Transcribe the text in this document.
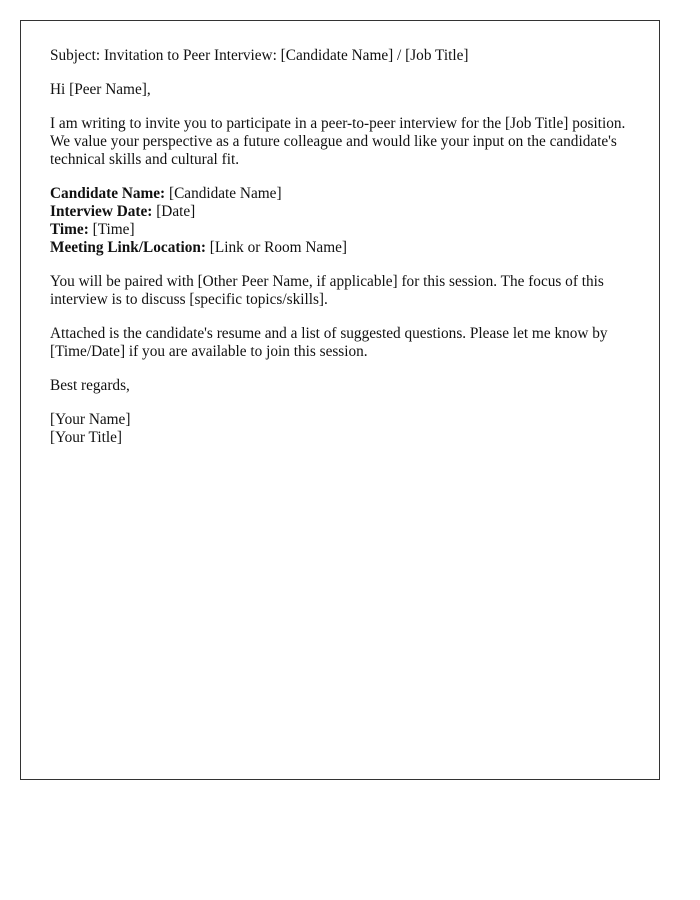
Subject: Invitation to Peer Interview: [Candidate Name] / [Job Title]

Hi [Peer Name],

I am writing to invite you to participate in a peer-to-peer interview for the [Job Title] position. We value your perspective as a future colleague and would like your input on the candidate's technical skills and cultural fit.

Candidate Name: [Candidate Name]
Interview Date: [Date]
Time: [Time]
Meeting Link/Location: [Link or Room Name]

You will be paired with [Other Peer Name, if applicable] for this session. The focus of this interview is to discuss [specific topics/skills].

Attached is the candidate's resume and a list of suggested questions. Please let me know by [Time/Date] if you are available to join this session.

Best regards,

[Your Name]
[Your Title]
